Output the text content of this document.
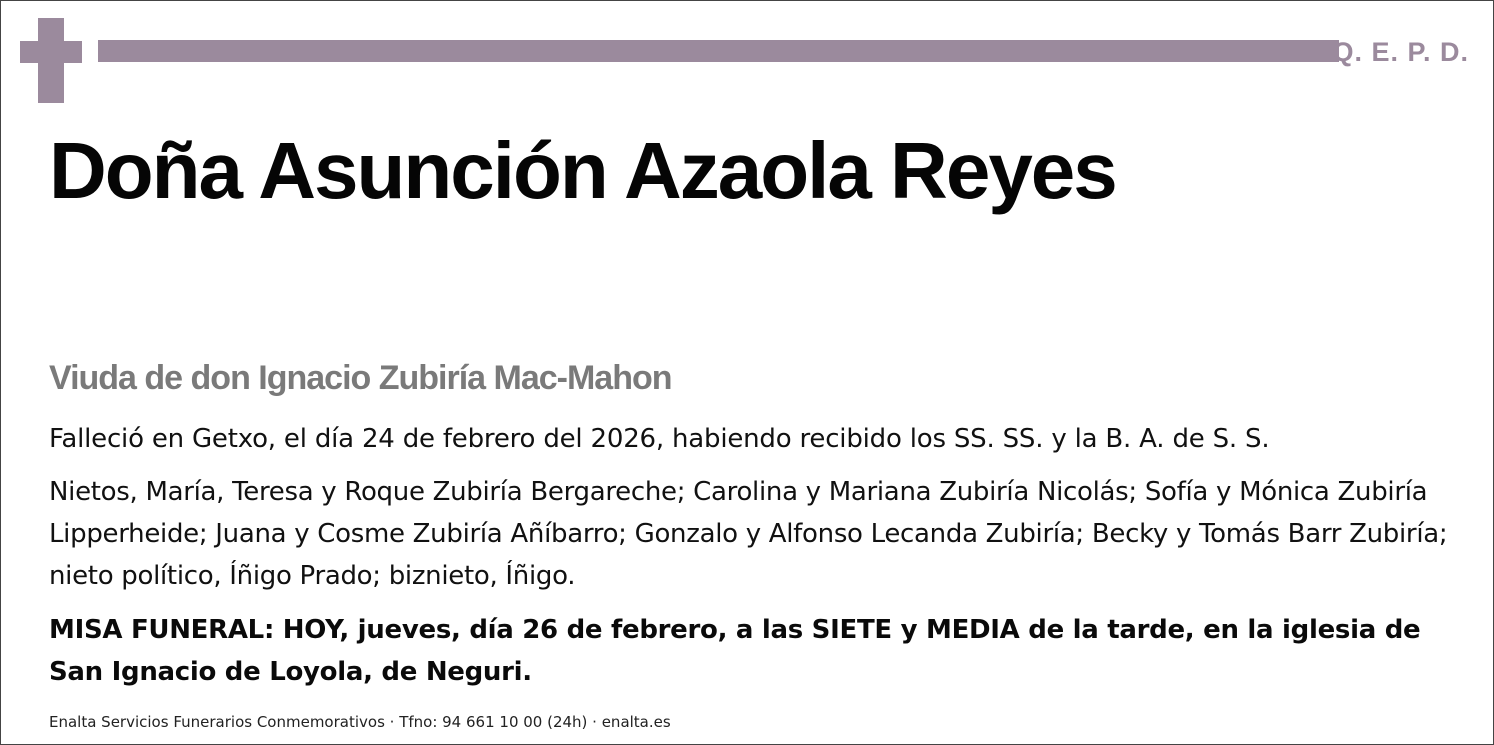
Q. E. P. D.
Doña Asunción Azaola Reyes
Viuda de don Ignacio Zubiría Mac-Mahon
Falleció en Getxo, el día 24 de febrero del 2026, habiendo recibido los SS. SS. y la B. A. de S. S.
Nietos, María, Teresa y Roque Zubiría Bergareche; Carolina y Mariana Zubiría Nicolás; Sofía y Mónica Zubiría Lipperheide; Juana y Cosme Zubiría Añíbarro; Gonzalo y Alfonso Lecanda Zubiría; Becky y Tomás Barr Zubiría; nieto político, Íñigo Prado; biznieto, Íñigo.
MISA FUNERAL: HOY, jueves, día 26 de febrero, a las SIETE y MEDIA de la tarde, en la iglesia de San Ignacio de Loyola, de Neguri.
Enalta Servicios Funerarios Conmemorativos · Tfno: 94 661 10 00 (24h) · enalta.es
